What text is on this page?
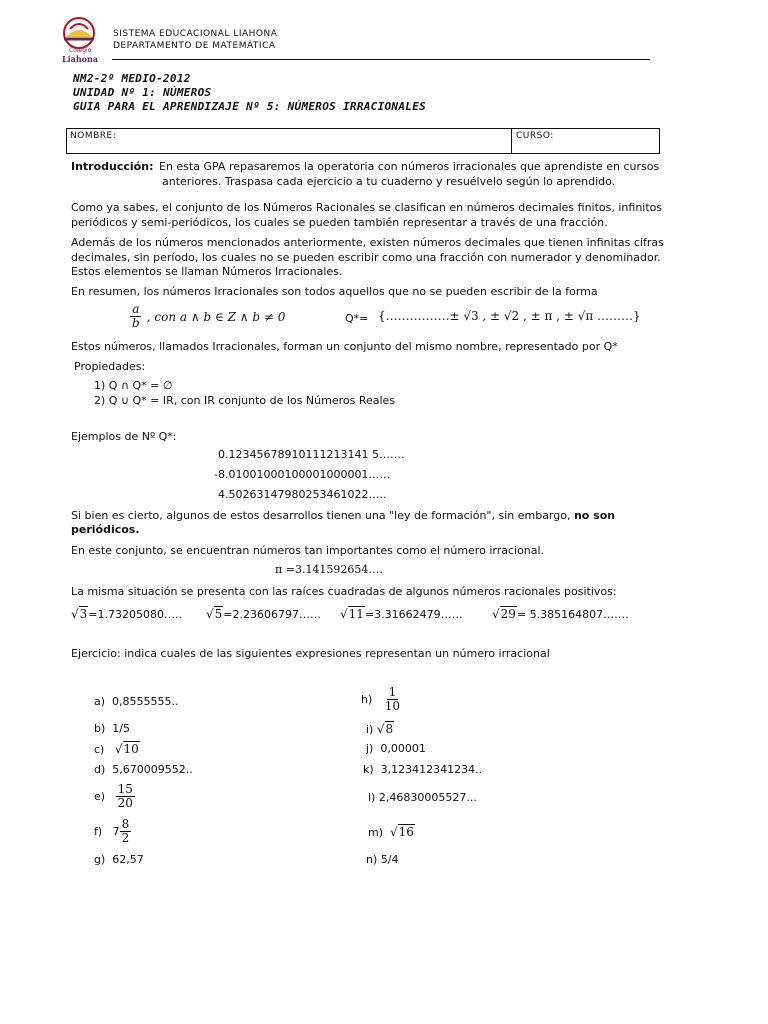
Colegio
Liahona
SISTEMA EDUCACIONAL LIAHONA
DEPARTAMENTO DE MATEMÁTICA
NM2-2º MEDIO-2012
UNIDAD Nº 1: NÚMEROS
GUIA PARA EL APRENDIZAJE Nº 5: NÚMEROS IRRACIONALES
NOMBRE:	CURSO:
Introducción: En esta GPA repasaremos la operatoria con números irracionales que aprendiste en cursos
anteriores. Traspasa cada ejercicio a tu cuaderno y resuélvelo según lo aprendido.
Como ya sabes, el conjunto de los Números Racionales se clasifican en números decimales finitos, infinitos
periódicos y semi-periódicos, los cuales se pueden también representar a través de una fracción.
Además de los números mencionados anteriormente, existen números decimales que tienen infinitas cifras
decimales, sin período, los cuales no se pueden escribir como una fracción con numerador y denominador.
Estos elementos se llaman Números Irracionales.
En resumen, los números Irracionales son todos aquellos que no se pueden escribir de la forma
$\frac{a}{b}$ , con a ∧ b ∈ Z ∧ b ≠ 0	Q*= {…………….± √3 , ± √2 , ± π , ± √π ………}
Estos números, llamados Irracionales, forman un conjunto del mismo nombre, representado por Q*
Propiedades:
1) Q ∩ Q* = ∅
2) Q ∪ Q* = IR, con IR conjunto de los Números Reales
Ejemplos de Nº Q*:
0.12345678910111213141 5…….
-8.01001000100001000001……
4.50263147980253461022…..
Si bien es cierto, algunos de estos desarrollos tienen una "ley de formación", sin embargo, no son
periódicos.
En este conjunto, se encuentran números tan importantes como el número irracional.
π =3.141592654….
La misma situación se presenta con las raíces cuadradas de algunos números racionales positivos:
√3=1.73205080….. √5=2.23606797…… √11=3.31662479…… √29= 5.385164807…….
Ejercicio: indica cuales de las siguientes expresiones representan un número irracional
a) 0,8555555..
b) 1/5
c) √10
d) 5,670009552..
$e) \frac{15}{20}$
f) $7 \frac{8}{2}$
g) 62,57
$h) \frac{1}{10}$
i) √8
j) 0,00001
k) 3,123412341234..
l) 2,46830005527...
m) √16
n) 5/4
